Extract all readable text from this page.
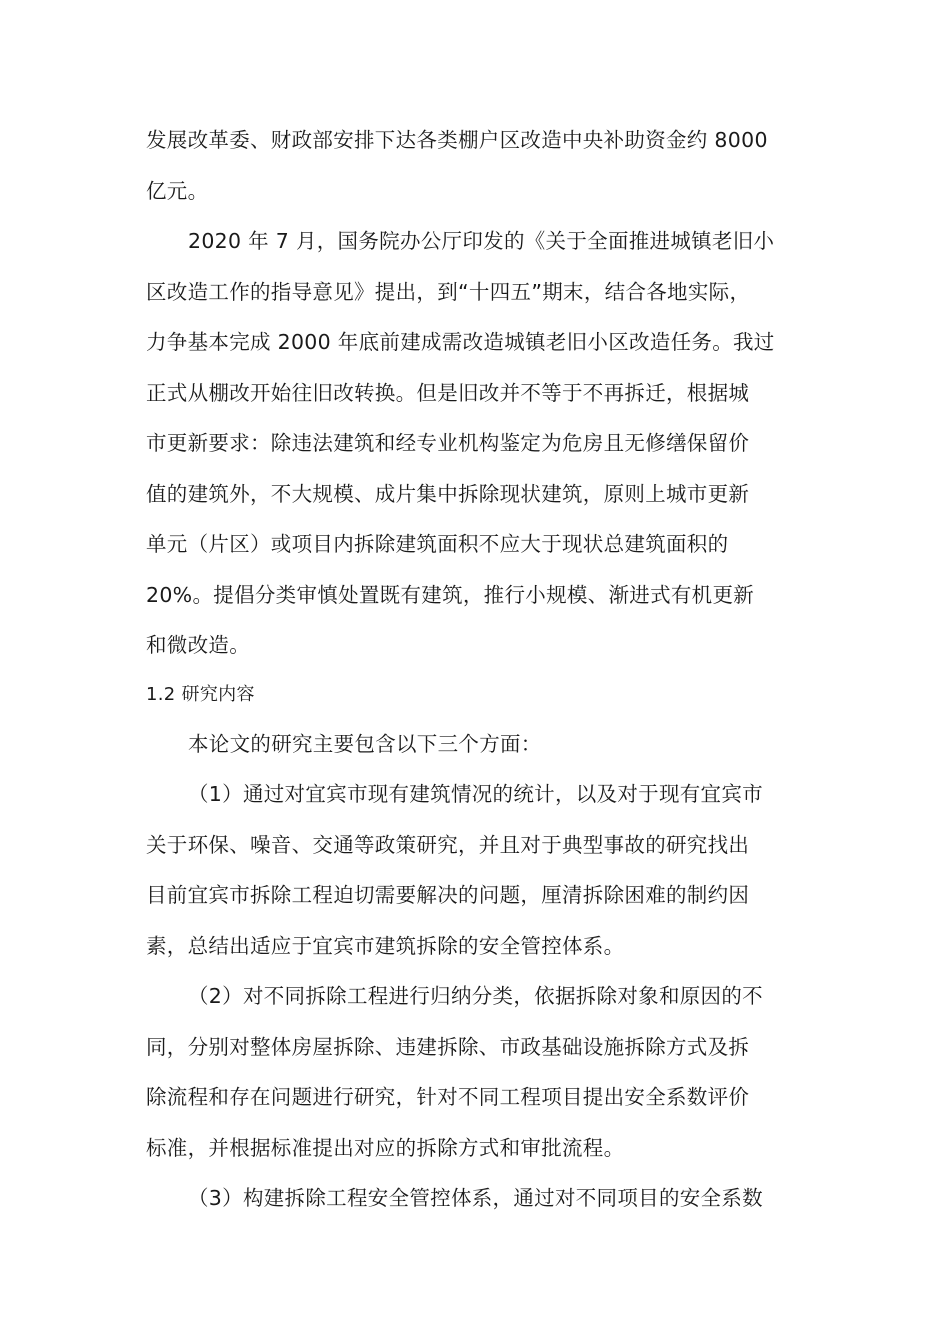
发展改革委、财政部安排下达各类棚户区改造中央补助资金约 8000
亿元。
2020 年 7 月，国务院办公厅印发的《关于全面推进城镇老旧小
区改造工作的指导意见》提出，到“十四五”期末，结合各地实际，
力争基本完成 2000 年底前建成需改造城镇老旧小区改造任务。我过
正式从棚改开始往旧改转换。但是旧改并不等于不再拆迁，根据城
市更新要求：除违法建筑和经专业机构鉴定为危房且无修缮保留价
值的建筑外，不大规模、成片集中拆除现状建筑，原则上城市更新
单元（片区）或项目内拆除建筑面积不应大于现状总建筑面积的
20%。提倡分类审慎处置既有建筑，推行小规模、渐进式有机更新
和微改造。
1.2 研究内容
本论文的研究主要包含以下三个方面：
（1）通过对宜宾市现有建筑情况的统计，以及对于现有宜宾市
关于环保、噪音、交通等政策研究，并且对于典型事故的研究找出
目前宜宾市拆除工程迫切需要解决的问题，厘清拆除困难的制约因
素，总结出适应于宜宾市建筑拆除的安全管控体系。
（2）对不同拆除工程进行归纳分类，依据拆除对象和原因的不
同，分别对整体房屋拆除、违建拆除、市政基础设施拆除方式及拆
除流程和存在问题进行研究，针对不同工程项目提出安全系数评价
标准，并根据标准提出对应的拆除方式和审批流程。
（3）构建拆除工程安全管控体系，通过对不同项目的安全系数
